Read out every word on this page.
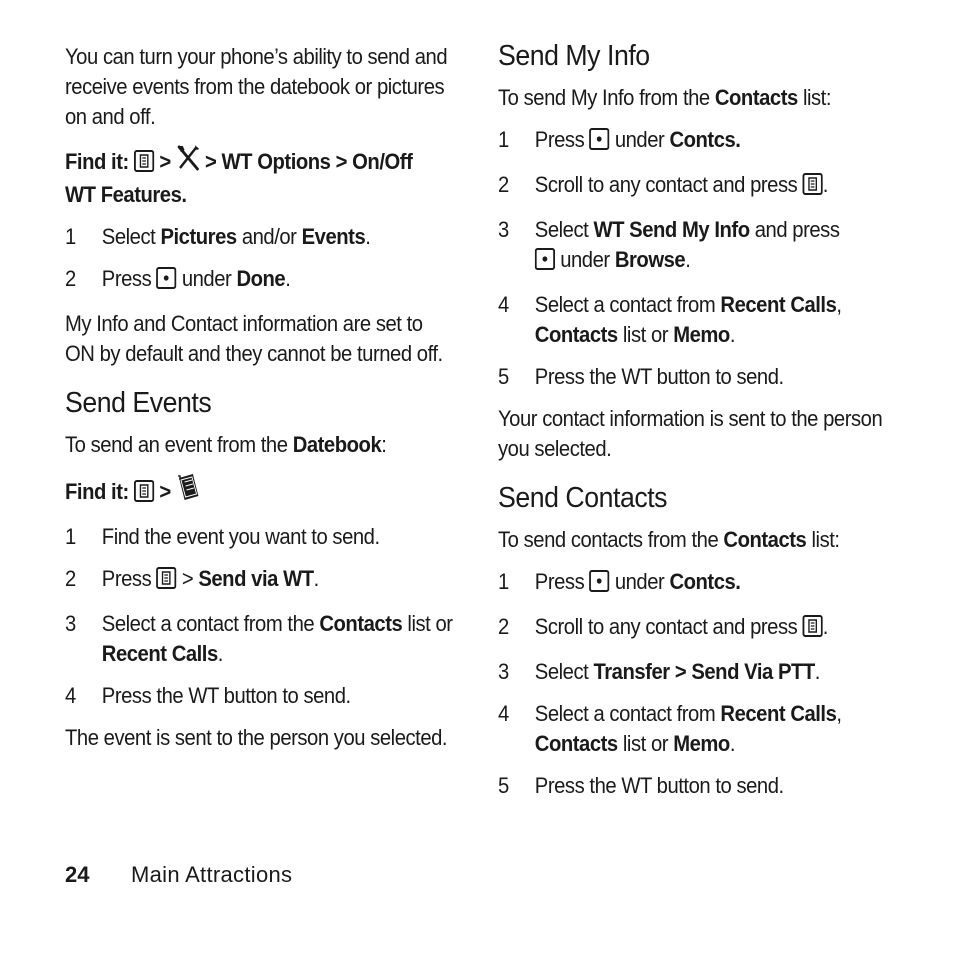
You can turn your phone’s ability to send and receive events from the datebook or pictures on and off.

Find it: > > WT Options > On/Off
WT Features.

1	Select Pictures and/or Events.
2	Press  under Done.

My Info and Contact information are set to ON by default and they cannot be turned off.

Send Events

To send an event from the Datebook:

Find it: >

1	Find the event you want to send.
2	Press  > Send via WT.
3	Select a contact from the Contacts list or Recent Calls.
4	Press the WT button to send.

The event is sent to the person you selected.

Send My Info

To send My Info from the Contacts list:

1	Press  under Contcs.
2	Scroll to any contact and press .
3	Select WT Send My Info and press
under Browse.
4	Select a contact from Recent Calls,
Contacts list or Memo.
5	Press the WT button to send.

Your contact information is sent to the person you selected.

Send Contacts

To send contacts from the Contacts list:

1	Press  under Contcs.
2	Scroll to any contact and press .
3	Select Transfer > Send Via PTT.
4	Select a contact from Recent Calls,
Contacts list or Memo.
5	Press the WT button to send.
24	Main Attractions
